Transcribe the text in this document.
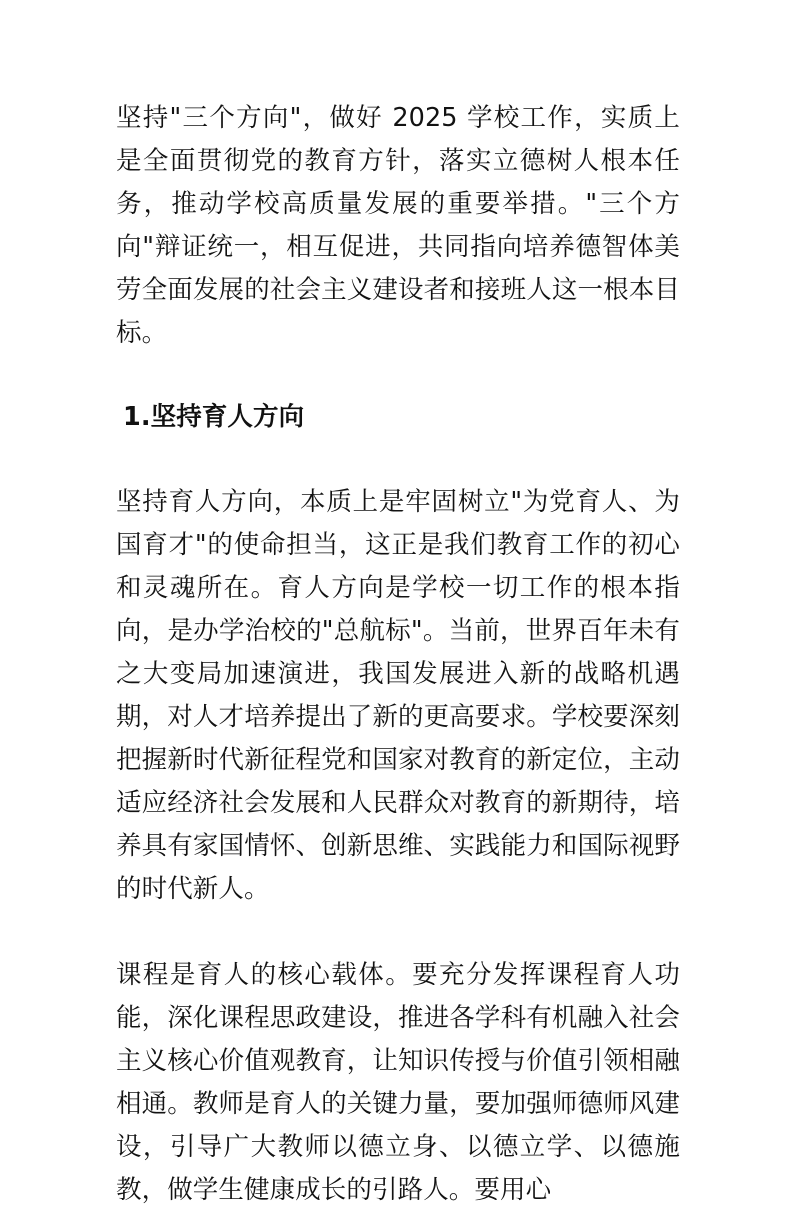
坚持"三个方向"，做好 2025 学校工作，实质上是全面贯彻党的教育方针，落实立德树人根本任务，推动学校高质量发展的重要举措。"三个方向"辩证统一，相互促进，共同指向培养德智体美劳全面发展的社会主义建设者和接班人这一根本目标。

1.坚持育人方向

坚持育人方向，本质上是牢固树立"为党育人、为国育才"的使命担当，这正是我们教育工作的初心和灵魂所在。育人方向是学校一切工作的根本指向，是办学治校的"总航标"。当前，世界百年未有之大变局加速演进，我国发展进入新的战略机遇期，对人才培养提出了新的更高要求。学校要深刻把握新时代新征程党和国家对教育的新定位，主动适应经济社会发展和人民群众对教育的新期待，培养具有家国情怀、创新思维、实践能力和国际视野的时代新人。

课程是育人的核心载体。要充分发挥课程育人功能，深化课程思政建设，推进各学科有机融入社会主义核心价值观教育，让知识传授与价值引领相融相通。教师是育人的关键力量，要加强师德师风建设，引导广大教师以德立身、以德立学、以德施教，做学生健康成长的引路人。要用心
